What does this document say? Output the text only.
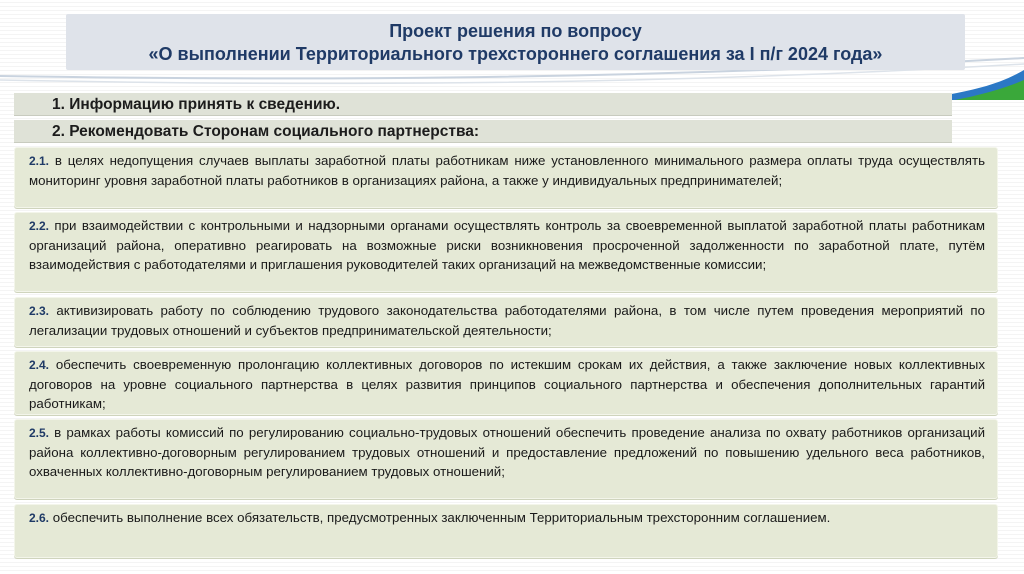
Проект решения по вопросу
«О выполнении Территориального трехстороннего соглашения за I п/г 2024 года»
1. Информацию принять к сведению.
2. Рекомендовать Сторонам социального партнерства:
2.1. в целях недопущения случаев выплаты заработной платы работникам ниже установленного минимального размера оплаты труда осуществлять мониторинг уровня заработной платы работников в организациях района, а также у индивидуальных предпринимателей;
2.2. при взаимодействии с контрольными и надзорными органами осуществлять контроль за своевременной выплатой заработной платы работникам организаций района, оперативно реагировать на возможные риски возникновения просроченной задолженности по заработной плате, путём взаимодействия с работодателями и приглашения руководителей таких организаций на межведомственные комиссии;
2.3. активизировать работу по соблюдению трудового законодательства работодателями района, в том числе путем проведения мероприятий по легализации трудовых отношений и субъектов предпринимательской деятельности;
2.4. обеспечить своевременную пролонгацию коллективных договоров по истекшим срокам их действия, а также заключение новых коллективных договоров на уровне социального партнерства в целях развития принципов социального партнерства и обеспечения дополнительных гарантий работникам;
2.5. в рамках работы комиссий по регулированию социально-трудовых отношений обеспечить проведение анализа по охвату работников организаций района коллективно-договорным регулированием трудовых отношений и предоставление предложений по повышению удельного веса работников, охваченных коллективно-договорным регулированием трудовых отношений;
2.6. обеспечить выполнение всех обязательств, предусмотренных заключенным Территориальным трехсторонним соглашением.
